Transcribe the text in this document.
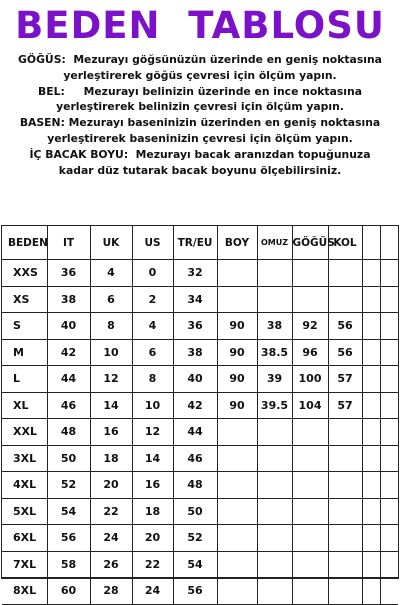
BEDEN  TABLOSU

GÖĞÜS:  Mezurayı göğsünüzün üzerinde en geniş noktasına

yerleştirerek göğüs çevresi için ölçüm yapın.

BEL:     Mezurayı belinizin üzerinde en ince noktasına

yerleştirerek belinizin çevresi için ölçüm yapın.

BASEN: Mezurayı baseninizin üzerinden en geniş noktasına

yerleştirerek baseninizin çevresi için ölçüm yapın.

İÇ BACAK BOYU:  Mezurayı bacak aranızdan topuğunuza

kadar düz tutarak bacak boyunu ölçebilirsiniz.

BEDEN	IT	UK	US	TR/EU	BOY	OMUZ	GÖĞÜS	KOL		
XXS	36	4	0	32						
XS	38	6	2	34						
S	40	8	4	36	90	38	92	56		
M	42	10	6	38	90	38.5	96	56		
L	44	12	8	40	90	39	100	57		
XL	46	14	10	42	90	39.5	104	57		
XXL	48	16	12	44						
3XL	50	18	14	46						
4XL	52	20	16	48						
5XL	54	22	18	50						
6XL	56	24	20	52						
7XL	58	26	22	54						
8XL	60	28	24	56						
